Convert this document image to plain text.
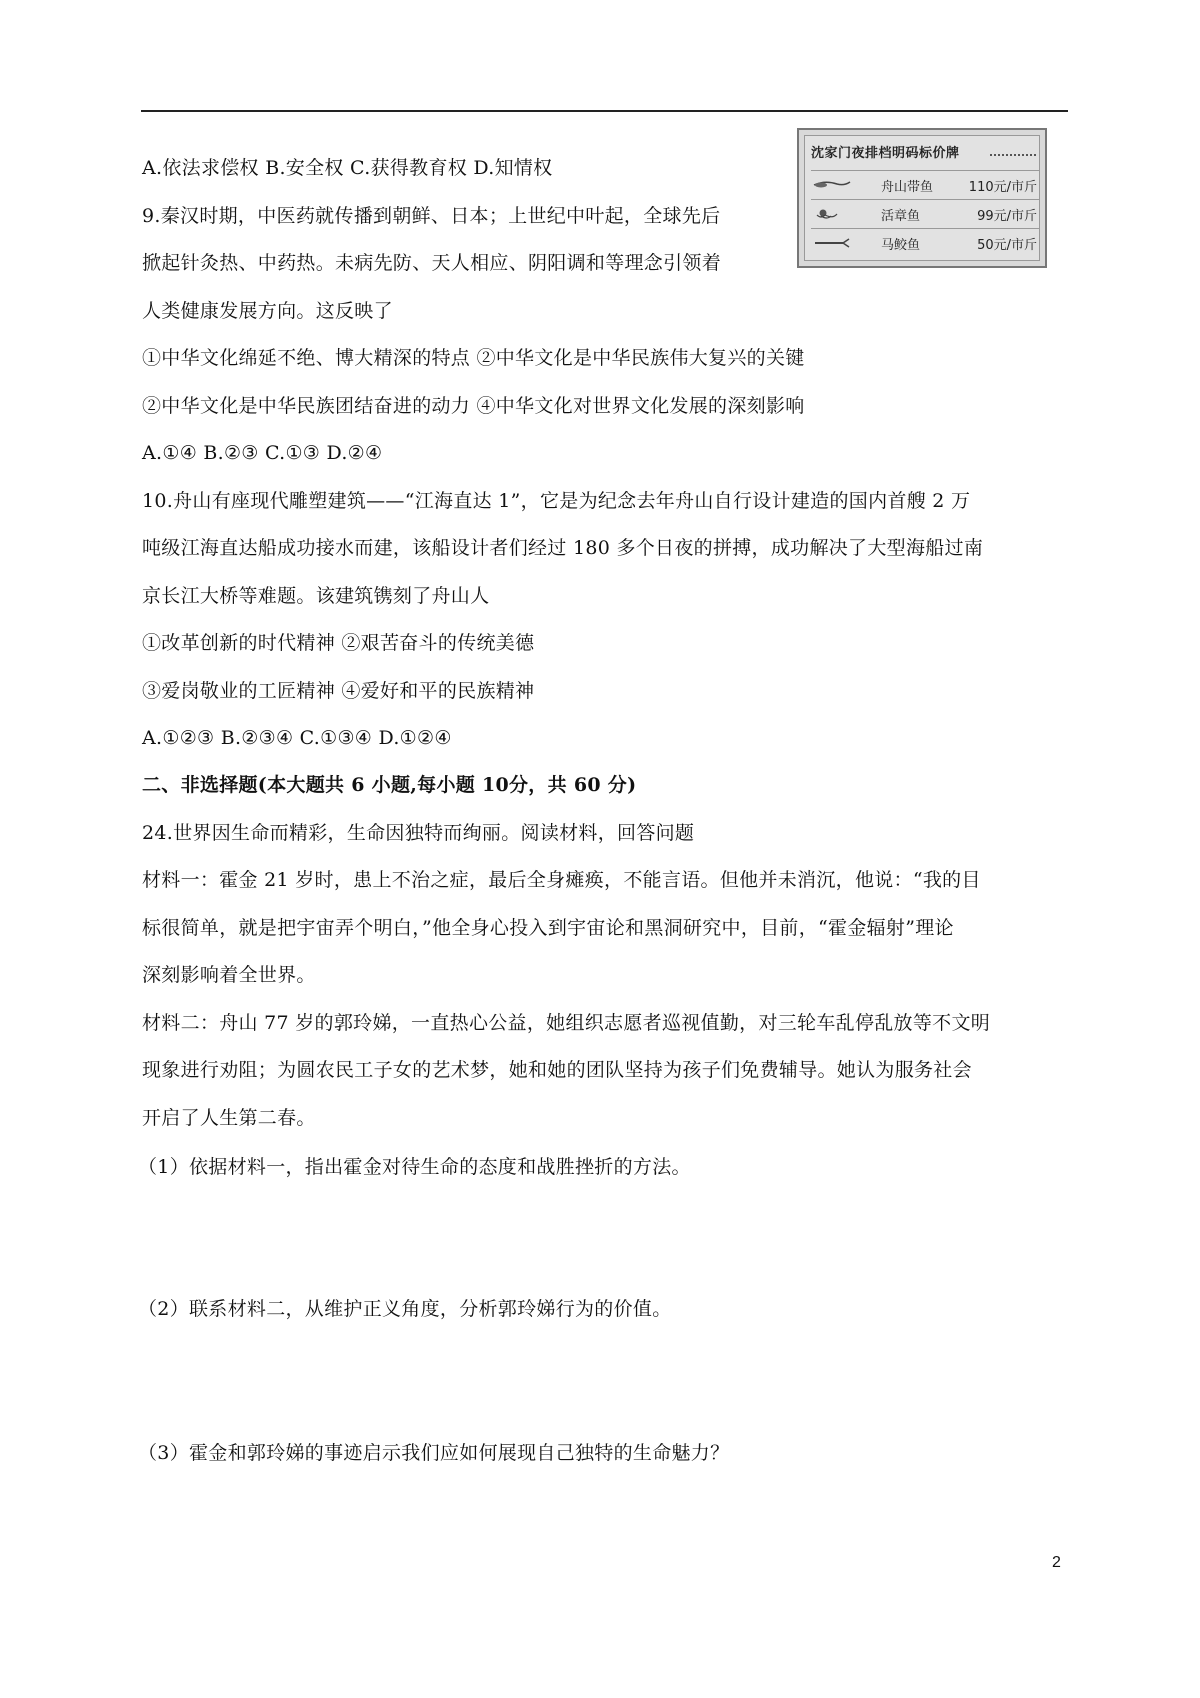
A.依法求偿权 B.安全权 C.获得教育权 D.知情权
沈家门夜排档明码标价牌
舟山带鱼	110元/市斤
活章鱼	99元/市斤
马鲛鱼	50元/市斤
9.秦汉时期，中医药就传播到朝鲜、日本；上世纪中叶起，全球先后
掀起针灸热、中药热。未病先防、天人相应、阴阳调和等理念引领着
人类健康发展方向。这反映了
①中华文化绵延不绝、博大精深的特点 ②中华文化是中华民族伟大复兴的关键
②中华文化是中华民族团结奋进的动力 ④中华文化对世界文化发展的深刻影响
A.①④ B.②③ C.①③ D.②④
10.舟山有座现代雕塑建筑——“江海直达 1”，它是为纪念去年舟山自行设计建造的国内首艘 2 万
吨级江海直达船成功接水而建，该船设计者们经过 180 多个日夜的拼搏，成功解决了大型海船过南
京长江大桥等难题。该建筑镌刻了舟山人
①改革创新的时代精神 ②艰苦奋斗的传统美德
③爱岗敬业的工匠精神 ④爱好和平的民族精神
A.①②③ B.②③④ C.①③④ D.①②④
二、非选择题(本大题共 6 小题,每小题 10分，共 60 分)
24.世界因生命而精彩，生命因独特而绚丽。阅读材料，回答问题
材料一：霍金 21 岁时，患上不治之症，最后全身瘫痪，不能言语。但他并未消沉，他说：“我的目
标很简单，就是把宇宙弄个明白，”他全身心投入到宇宙论和黑洞研究中，目前，“霍金辐射”理论
深刻影响着全世界。
材料二：舟山 77 岁的郭玲娣，一直热心公益，她组织志愿者巡视值勤，对三轮车乱停乱放等不文明
现象进行劝阻；为圆农民工子女的艺术梦，她和她的团队坚持为孩子们免费辅导。她认为服务社会
开启了人生第二春。
（1）依据材料一，指出霍金对待生命的态度和战胜挫折的方法。
（2）联系材料二，从维护正义角度，分析郭玲娣行为的价值。
（3）霍金和郭玲娣的事迹启示我们应如何展现自己独特的生命魅力？
2
